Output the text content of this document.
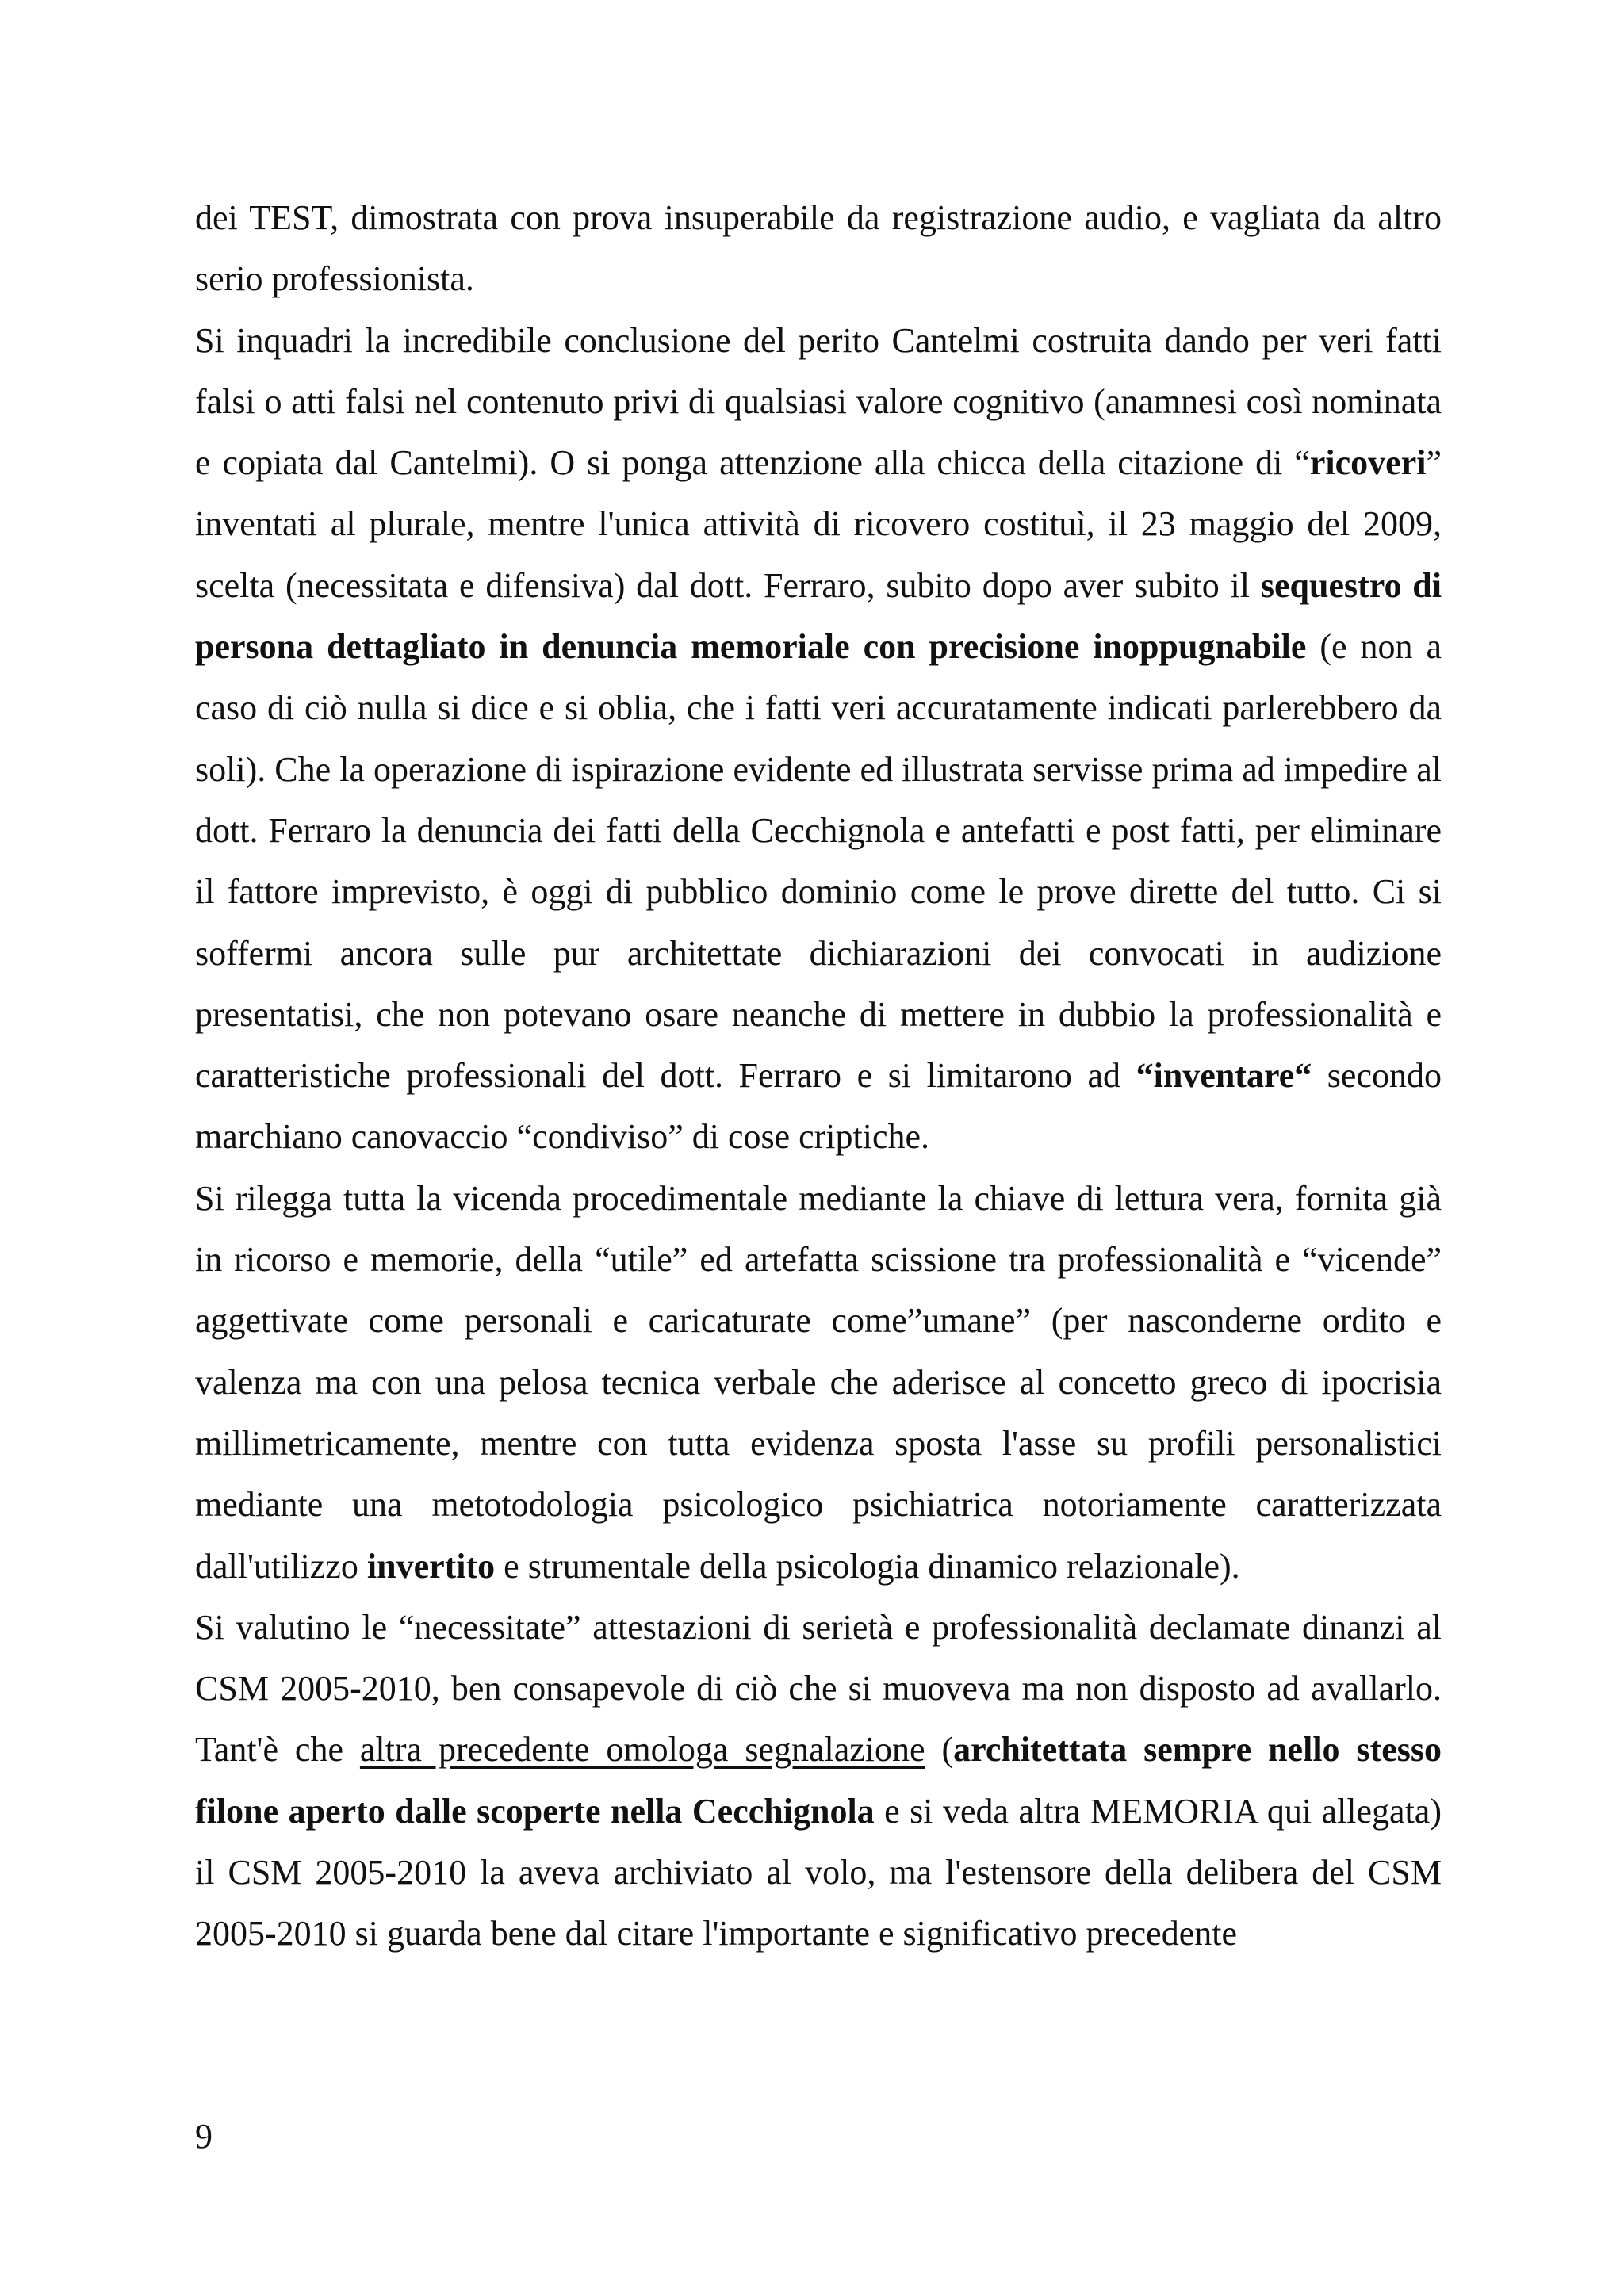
dei TEST, dimostrata con prova insuperabile da registrazione audio, e vagliata da altro serio professionista.

Si inquadri la incredibile conclusione del perito Cantelmi costruita dando per veri fatti falsi o atti falsi nel contenuto privi di qualsiasi valore cognitivo (anamnesi così nominata e copiata dal Cantelmi). O si ponga attenzione alla chicca della citazione di “ricoveri” inventati al plurale, mentre l'unica attività di ricovero costituì, il 23 maggio del 2009, scelta (necessitata e difensiva) dal dott. Ferraro, subito dopo aver subito il sequestro di persona dettagliato in denuncia memoriale con precisione inoppugnabile (e non a caso di ciò nulla si dice e si oblia, che i fatti veri accuratamente indicati parlerebbero da soli). Che la operazione di ispirazione evidente ed illustrata servisse prima ad impedire al dott. Ferraro la denuncia dei fatti della Cecchignola e antefatti e post fatti, per eliminare il fattore imprevisto, è oggi di pubblico dominio come le prove dirette del tutto. Ci si soffermi ancora sulle pur architettate dichiarazioni dei convocati in audizione presentatisi, che non potevano osare neanche di mettere in dubbio la professionalità e caratteristiche professionali del dott. Ferraro e si limitarono ad “inventare“ secondo marchiano canovaccio “condiviso” di cose criptiche.

Si rilegga tutta la vicenda procedimentale mediante la chiave di lettura vera, fornita già in ricorso e memorie, della “utile” ed artefatta scissione tra professionalità e “vicende” aggettivate come personali e caricaturate come”umane” (per nasconderne ordito e valenza ma con una pelosa tecnica verbale che aderisce al concetto greco di ipocrisia millimetricamente, mentre con tutta evidenza sposta l'asse su profili personalistici mediante una metotodologia psicologico psichiatrica notoriamente caratterizzata dall'utilizzo invertito e strumentale della psicologia dinamico relazionale).

Si valutino le “necessitate” attestazioni di serietà e professionalità declamate dinanzi al CSM 2005-2010, ben consapevole di ciò che si muoveva ma non disposto ad avallarlo. Tant'è che altra precedente omologa segnalazione (architettata sempre nello stesso filone aperto dalle scoperte nella Cecchignola e si veda altra MEMORIA qui allegata) il CSM 2005-2010 la aveva archiviato al volo, ma l'estensore della delibera del CSM 2005-2010 si guarda bene dal citare l'importante e significativo precedente

9
